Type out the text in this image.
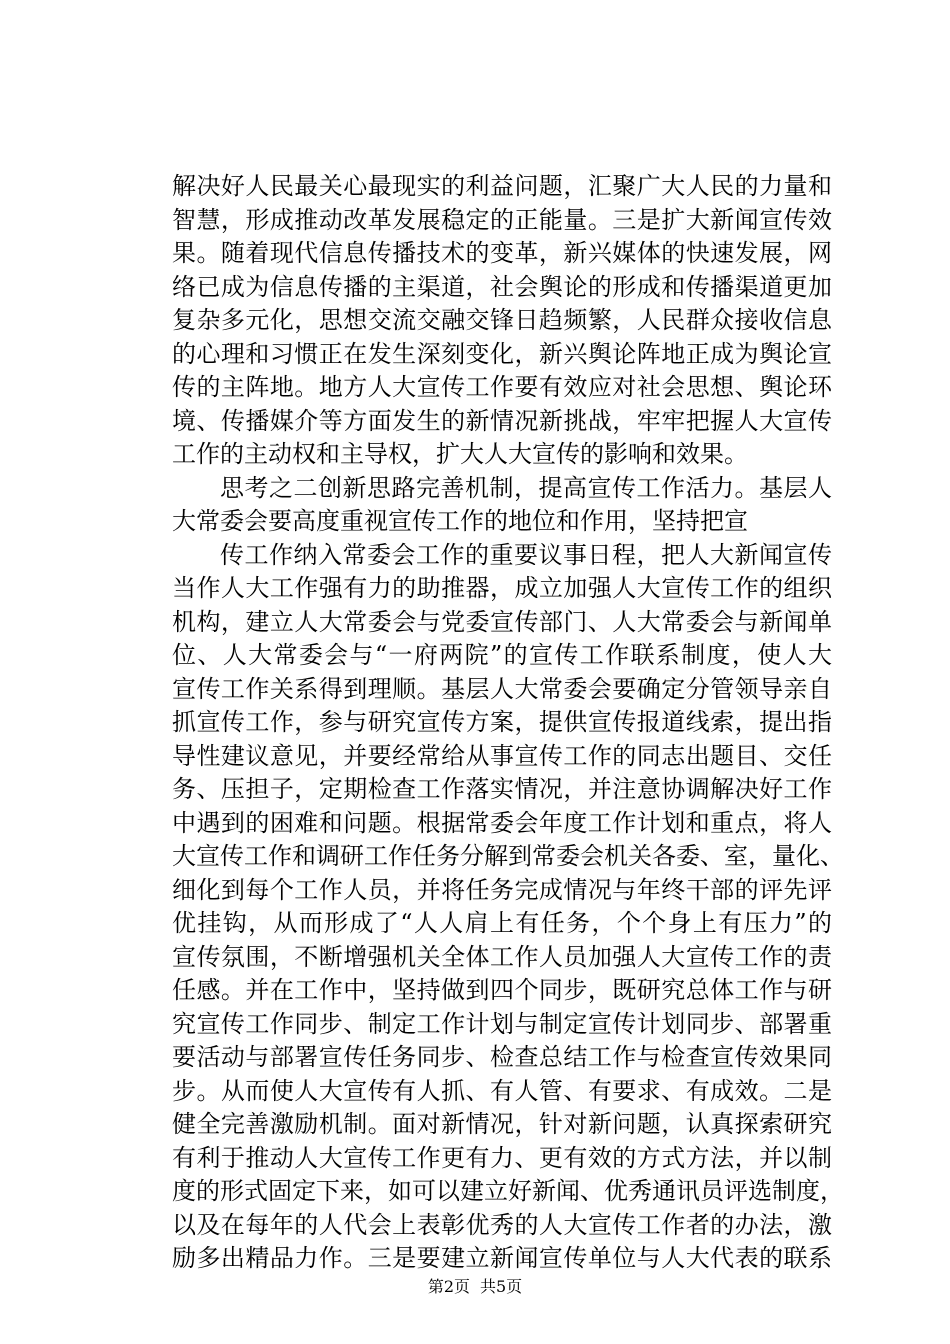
解决好人民最关心最现实的利益问题，汇聚广大人民的力量和
智慧，形成推动改革发展稳定的正能量。三是扩大新闻宣传效
果。随着现代信息传播技术的变革，新兴媒体的快速发展，网
络已成为信息传播的主渠道，社会舆论的形成和传播渠道更加
复杂多元化，思想交流交融交锋日趋频繁，人民群众接收信息
的心理和习惯正在发生深刻变化，新兴舆论阵地正成为舆论宣
传的主阵地。地方人大宣传工作要有效应对社会思想、舆论环
境、传播媒介等方面发生的新情况新挑战，牢牢把握人大宣传
工作的主动权和主导权，扩大人大宣传的影响和效果。
思考之二创新思路完善机制，提高宣传工作活力。基层人
大常委会要高度重视宣传工作的地位和作用，坚持把宣
传工作纳入常委会工作的重要议事日程，把人大新闻宣传
当作人大工作强有力的助推器，成立加强人大宣传工作的组织
机构，建立人大常委会与党委宣传部门、人大常委会与新闻单
位、人大常委会与“一府两院”的宣传工作联系制度，使人大
宣传工作关系得到理顺。基层人大常委会要确定分管领导亲自
抓宣传工作，参与研究宣传方案，提供宣传报道线索，提出指
导性建议意见，并要经常给从事宣传工作的同志出题目、交任
务、压担子，定期检查工作落实情况，并注意协调解决好工作
中遇到的困难和问题。根据常委会年度工作计划和重点，将人
大宣传工作和调研工作任务分解到常委会机关各委、室，量化、
细化到每个工作人员，并将任务完成情况与年终干部的评先评
优挂钩，从而形成了“人人肩上有任务，个个身上有压力”的
宣传氛围，不断增强机关全体工作人员加强人大宣传工作的责
任感。并在工作中，坚持做到四个同步，既研究总体工作与研
究宣传工作同步、制定工作计划与制定宣传计划同步、部署重
要活动与部署宣传任务同步、检查总结工作与检查宣传效果同
步。从而使人大宣传有人抓、有人管、有要求、有成效。二是
健全完善激励机制。面对新情况，针对新问题，认真探索研究
有利于推动人大宣传工作更有力、更有效的方式方法，并以制
度的形式固定下来，如可以建立好新闻、优秀通讯员评选制度，
以及在每年的人代会上表彰优秀的人大宣传工作者的办法，激
励多出精品力作。三是要建立新闻宣传单位与人大代表的联系
第2页 共5页
